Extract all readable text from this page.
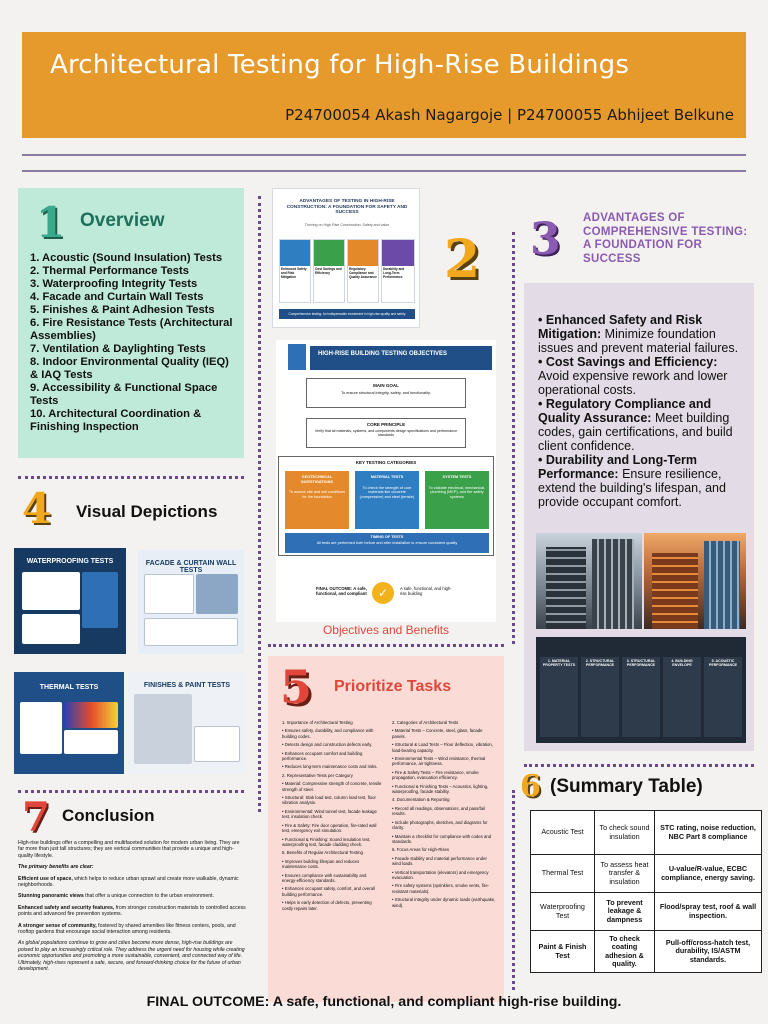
Architectural Testing for High-Rise Buildings
P24700054 Akash Nagargoje | P24700055 Abhijeet Belkune
1 Overview
1. Acoustic (Sound Insulation) Tests
2. Thermal Performance Tests
3. Waterproofing Integrity Tests
4. Facade and Curtain Wall Tests
5. Finishes & Paint Adhesion Tests
6. Fire Resistance Tests (Architectural Assemblies)
7. Ventilation & Daylighting Tests
8. Indoor Environmental Quality (IEQ) & IAQ Tests
9. Accessibility & Functional Space Tests
10. Architectural Coordination & Finishing Inspection
4 Visual Depictions
WATERPROOFING TESTS	FACADE & CURTAIN WALL TESTS
THERMAL TESTS	FINISHES & PAINT TESTS
7 Conclusion

High-rise buildings offer a compelling and multifaceted solution for modern urban living. They are far more than just tall structures; they are vertical communities that provide a unique and high-quality lifestyle.

The primary benefits are clear:

Efficient use of space, which helps to reduce urban sprawl and create more walkable, dynamic neighborhoods.

Stunning panoramic views that offer a unique connection to the urban environment.

Enhanced safety and security features, from stronger construction materials to controlled access points and advanced fire prevention systems.

A stronger sense of community, fostered by shared amenities like fitness centers, pools, and rooftop gardens that encourage social interaction among residents.

As global populations continue to grow and cities become more dense, high-rise buildings are poised to play an increasingly critical role. They address the urgent need for housing while creating economic opportunities and promoting a more sustainable, convenient, and connected way of life. Ultimately, high-rises represent a safe, secure, and forward-thinking choice for the future of urban development.

ADVANTAGES OF TESTING IN HIGH-RISE CONSTRUCTION: A FOUNDATION FOR SAFETY AND SUCCESS
Thriving on High-Rise Construction: Safety and value
Enhanced Safety and Risk Mitigation
Cost Savings and Efficiency
Regulatory Compliance and Quality Assurance
Durability and Long-Term Performance
Comprehensive testing: An indispensable investment in high-rise quality and safety
2
HIGH-RISE BUILDING TESTING OBJECTIVES
MAIN GOAL
To ensure structural integrity, safety, and functionality.
CORE PRINCIPLE
Verify that all materials, systems, and components design specifications and performance standards
KEY TESTING CATEGORIES
GEOTECHNICAL INVESTIGATIONS
To assess site and soil conditions for the foundation
MATERIAL TESTS
To check the strength of core materials like concrete (compressive) and steel (tensile)
SYSTEM TESTS
To validate electrical, mechanical, plumbing (MEP), and fire safety systems
TIMING OF TESTS
All tests are performed both before and after installation to ensure consistent quality
FINAL OUTCOME: A safe, functional, and compliant ✓	A safe, functional, and high-rise building
Objectives and Benefits
5 Prioritize Tasks

1. Importance of Architectural Testing

• Ensures safety, durability, and compliance with building codes.

• Detects design and construction defects early.

• Enhances occupant comfort and building performance.

• Reduces long-term maintenance costs and risks.

2. Representative Tests per Category

• Material: Compressive strength of concrete, tensile strength of steel.

• Structural: Slab load test, column load test, floor vibration analysis.

• Environmental: Wind tunnel test, facade leakage test, insulation check.

• Fire & Safety: Fire door operation, fire-rated wall test, emergency exit simulation.

• Functional & Finishing: Sound insulation test, waterproofing test, facade cladding check.

5. Benefits of Regular Architectural Testing

• Improves building lifespan and reduces maintenance costs.

• Ensures compliance with sustainability and energy-efficiency standards.

• Enhances occupant safety, comfort, and overall building performance.

• Helps in early detection of defects, preventing costly repairs later.

2. Categories of Architectural Tests

• Material Tests – Concrete, steel, glass, facade panels.

• Structural & Load Tests – Floor deflection, vibration, load-bearing capacity.

• Environmental Tests – Wind resistance, thermal performance, air tightness.

• Fire & Safety Tests – Fire resistance, smoke propagation, evacuation efficiency.

• Functional & Finishing Tests – Acoustics, lighting, waterproofing, facade stability.

4. Documentation & Reporting

• Record all readings, observations, and pass/fail results.

• Include photographs, sketches, and diagrams for clarity.

• Maintain a checklist for compliance with codes and standards.

6. Focus Areas for High-Rises

• Facade stability and material performance under wind loads.

• Vertical transportation (elevators) and emergency evacuation.

• Fire safety systems (sprinklers, smoke vents, fire-resistant materials).

• Structural integrity under dynamic loads (earthquake, wind).

3 ADVANTAGES OF COMPREHENSIVE TESTING: A FOUNDATION FOR SUCCESS

• Enhanced Safety and Risk Mitigation: Minimize foundation issues and prevent material failures.

• Cost Savings and Efficiency: Avoid expensive rework and lower operational costs.

• Regulatory Compliance and Quality Assurance: Meet building codes, gain certifications, and build client confidence.

• Durability and Long-Term Performance: Ensure resilience, extend the building's lifespan, and provide occupant comfort.

1. MATERIAL PROPERTY TESTS
2. STRUCTURAL PERFORMANCE
3. STRUCTURAL PERFORMANCE
4. BUILDING ENVELOPE
5. ACOUSTIC PERFORMANCE
6 (Summary Table)
Acoustic Test	To check sound insulation	STC rating, noise reduction, NBC Part 8 compliance
Thermal Test	To assess heat transfer & insulation	U-value/R-value, ECBC compliance, energy saving.
Waterproofing Test	To prevent leakage & dampness	Flood/spray test, roof & wall inspection.
Paint & Finish Test	To check coating adhesion & quality.	Pull-off/cross-hatch test, durability, IS/ASTM standards.
FINAL OUTCOME: A safe, functional, and compliant high-rise building.
